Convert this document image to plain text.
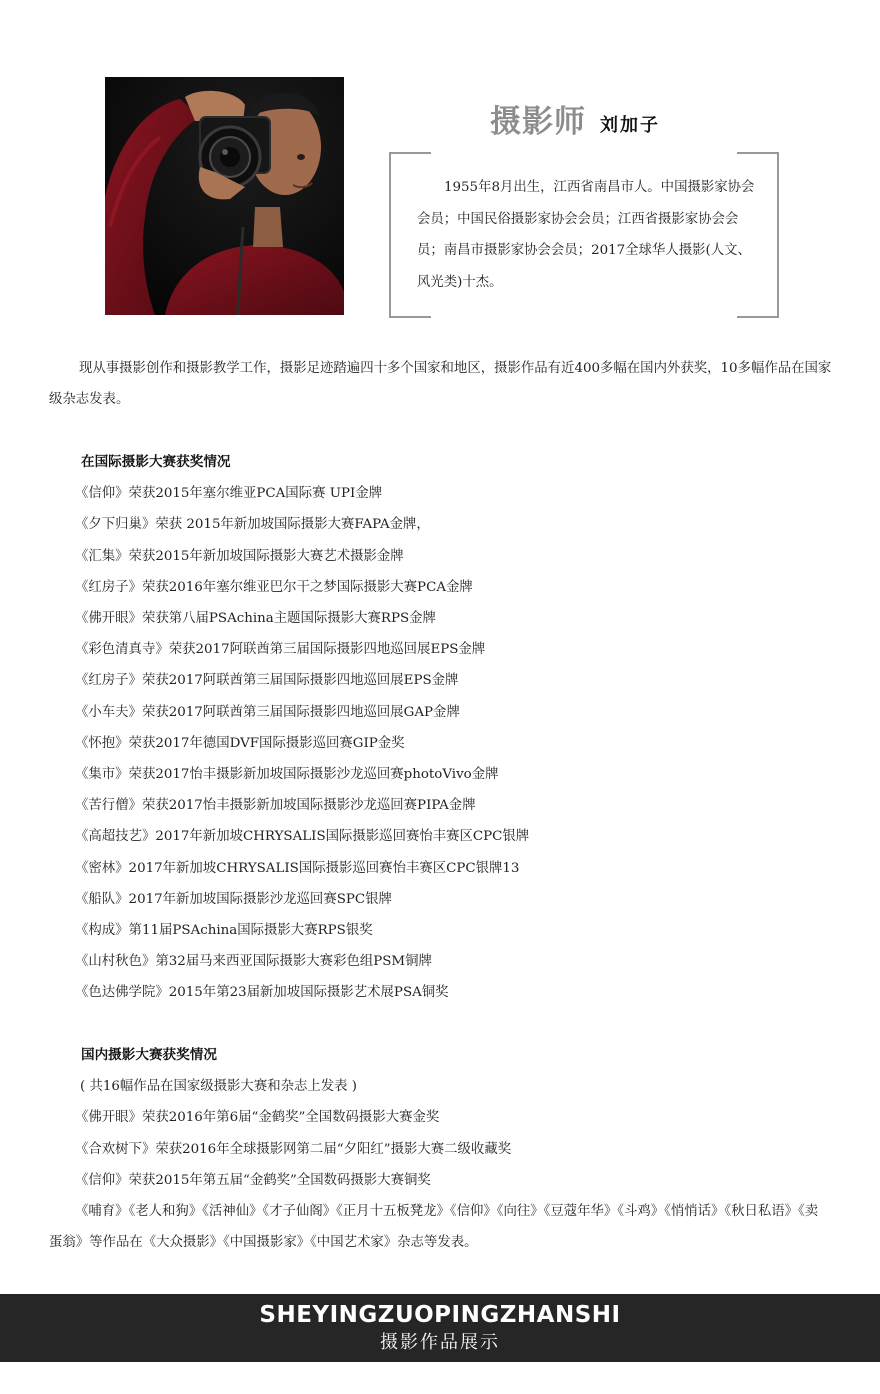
摄影师 刘加子
1955年8月出生，江西省南昌市人。中国摄影家协会会员；中国民俗摄影家协会会员；江西省摄影家协会会员；南昌市摄影家协会会员；2017全球华人摄影(人文、风光类)十杰。
现从事摄影创作和摄影教学工作，摄影足迹踏遍四十多个国家和地区，摄影作品有近400多幅在国内外获奖，10多幅作品在国家级杂志发表。
在国际摄影大赛获奖情况
《信仰》荣获2015年塞尔维亚PCA国际赛 UPI金牌
《夕下归巢》荣获 2015年新加坡国际摄影大赛FAPA金牌，
《汇集》荣获2015年新加坡国际摄影大赛艺术摄影金牌
《红房子》荣获2016年塞尔维亚巴尔干之梦国际摄影大赛PCA金牌
《佛开眼》荣获第八届PSAchina主题国际摄影大赛RPS金牌
《彩色清真寺》荣获2017阿联酋第三届国际摄影四地巡回展EPS金牌
《红房子》荣获2017阿联酋第三届国际摄影四地巡回展EPS金牌
《小车夫》荣获2017阿联酋第三届国际摄影四地巡回展GAP金牌
《怀抱》荣获2017年德国DVF国际摄影巡回赛GIP金奖
《集市》荣获2017怡丰摄影新加坡国际摄影沙龙巡回赛photoVivo金牌
《苦行僧》荣获2017怡丰摄影新加坡国际摄影沙龙巡回赛PIPA金牌
《高超技艺》2017年新加坡CHRYSALIS国际摄影巡回赛怡丰赛区CPC银牌
《密林》2017年新加坡CHRYSALIS国际摄影巡回赛怡丰赛区CPC银牌13
《船队》2017年新加坡国际摄影沙龙巡回赛SPC银牌
《构成》第11届PSAchina国际摄影大赛RPS银奖
《山村秋色》第32届马来西亚国际摄影大赛彩色组PSM铜牌
《色达佛学院》2015年第23届新加坡国际摄影艺术展PSA铜奖
国内摄影大赛获奖情况
( 共16幅作品在国家级摄影大赛和杂志上发表 )
《佛开眼》荣获2016年第6届“金鹤奖”全国数码摄影大赛金奖
《合欢树下》荣获2016年全球摄影网第二届“夕阳红”摄影大赛二级收藏奖
《信仰》荣获2015年第五届“金鹤奖”全国数码摄影大赛铜奖
《哺育》《老人和狗》《活神仙》《才子仙阁》《正月十五板凳龙》《信仰》《向往》《豆蔻年华》《斗鸡》《悄悄话》《秋日私语》《卖蛋翁》等作品在《大众摄影》《中国摄影家》《中国艺术家》杂志等发表。
SHEYINGZUOPINGZHANSHI
摄影作品展示
